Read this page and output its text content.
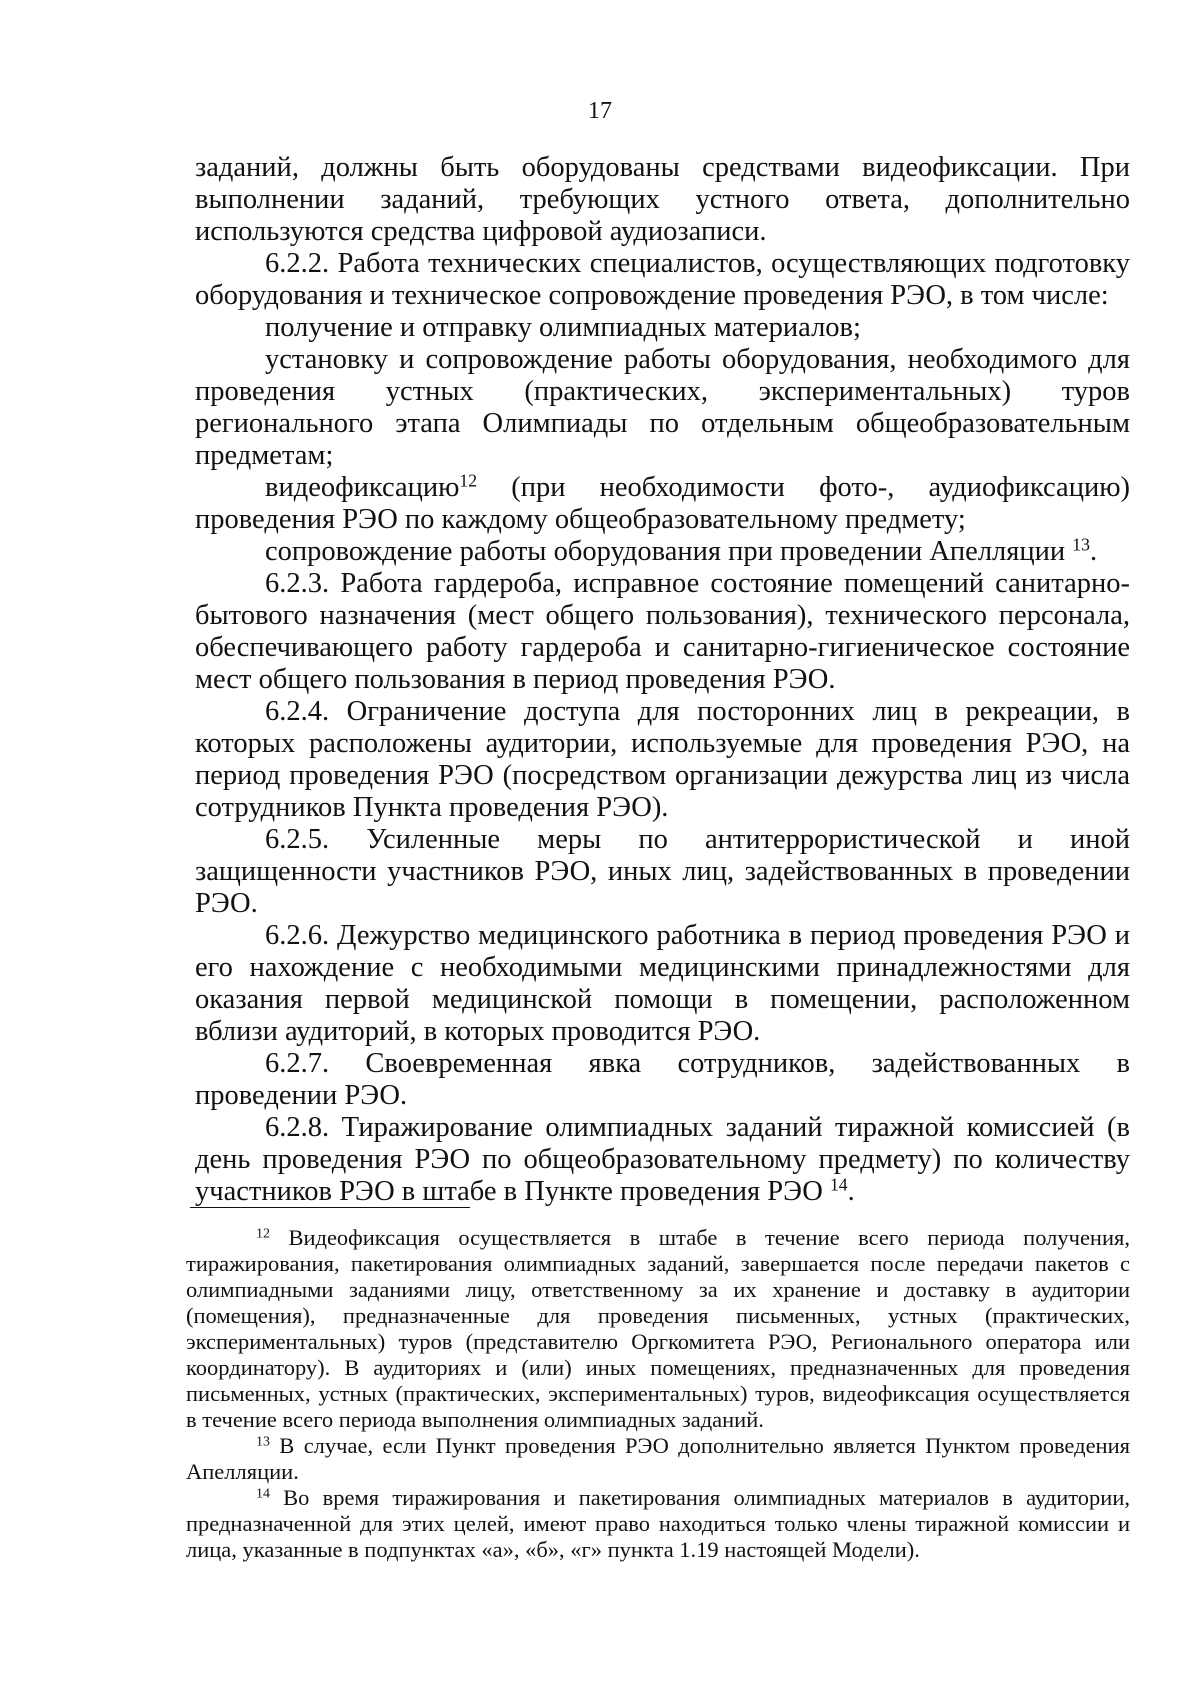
17

заданий, должны быть оборудованы средствами видеофиксации. При выполнении заданий, требующих устного ответа, дополнительно используются средства цифровой аудиозаписи.

6.2.2. Работа технических специалистов, осуществляющих подготовку оборудования и техническое сопровождение проведения РЭО, в том числе:

получение и отправку олимпиадных материалов;

установку и сопровождение работы оборудования, необходимого для проведения устных (практических, экспериментальных) туров регионального этапа Олимпиады по отдельным общеобразовательным предметам;

видеофиксацию$^{12}$ (при необходимости фото-, аудиофиксацию) проведения РЭО по каждому общеобразовательному предмету;

сопровождение работы оборудования при проведении Апелляции $^{13}$.

6.2.3. Работа гардероба, исправное состояние помещений санитарно-бытового назначения (мест общего пользования), технического персонала, обеспечивающего работу гардероба и санитарно-гигиеническое состояние мест общего пользования в период проведения РЭО.

6.2.4. Ограничение доступа для посторонних лиц в рекреации, в которых расположены аудитории, используемые для проведения РЭО, на период проведения РЭО (посредством организации дежурства лиц из числа сотрудников Пункта проведения РЭО).

6.2.5. Усиленные меры по антитеррористической и иной защищенности участников РЭО, иных лиц, задействованных в проведении РЭО.

6.2.6. Дежурство медицинского работника в период проведения РЭО и его нахождение с необходимыми медицинскими принадлежностями для оказания первой медицинской помощи в помещении, расположенном вблизи аудиторий, в которых проводится РЭО.

6.2.7. Своевременная явка сотрудников, задействованных в проведении РЭО.

6.2.8. Тиражирование олимпиадных заданий тиражной комиссией (в день проведения РЭО по общеобразовательному предмету) по количеству участников РЭО в штабе в Пункте проведения РЭО $^{14}$.

$^{12}$ Видеофиксация осуществляется в штабе в течение всего периода получения, тиражирования, пакетирования олимпиадных заданий, завершается после передачи пакетов с олимпиадными заданиями лицу, ответственному за их хранение и доставку в аудитории (помещения), предназначенные для проведения письменных, устных (практических, экспериментальных) туров (представителю Оргкомитета РЭО, Регионального оператора или координатору). В аудиториях и (или) иных помещениях, предназначенных для проведения письменных, устных (практических, экспериментальных) туров, видеофиксация осуществляется в течение всего периода выполнения олимпиадных заданий.

$^{13}$ В случае, если Пункт проведения РЭО дополнительно является Пунктом проведения Апелляции.

$^{14}$ Во время тиражирования и пакетирования олимпиадных материалов в аудитории, предназначенной для этих целей, имеют право находиться только члены тиражной комиссии и лица, указанные в подпунктах «а», «б», «г» пункта 1.19 настоящей Модели).
